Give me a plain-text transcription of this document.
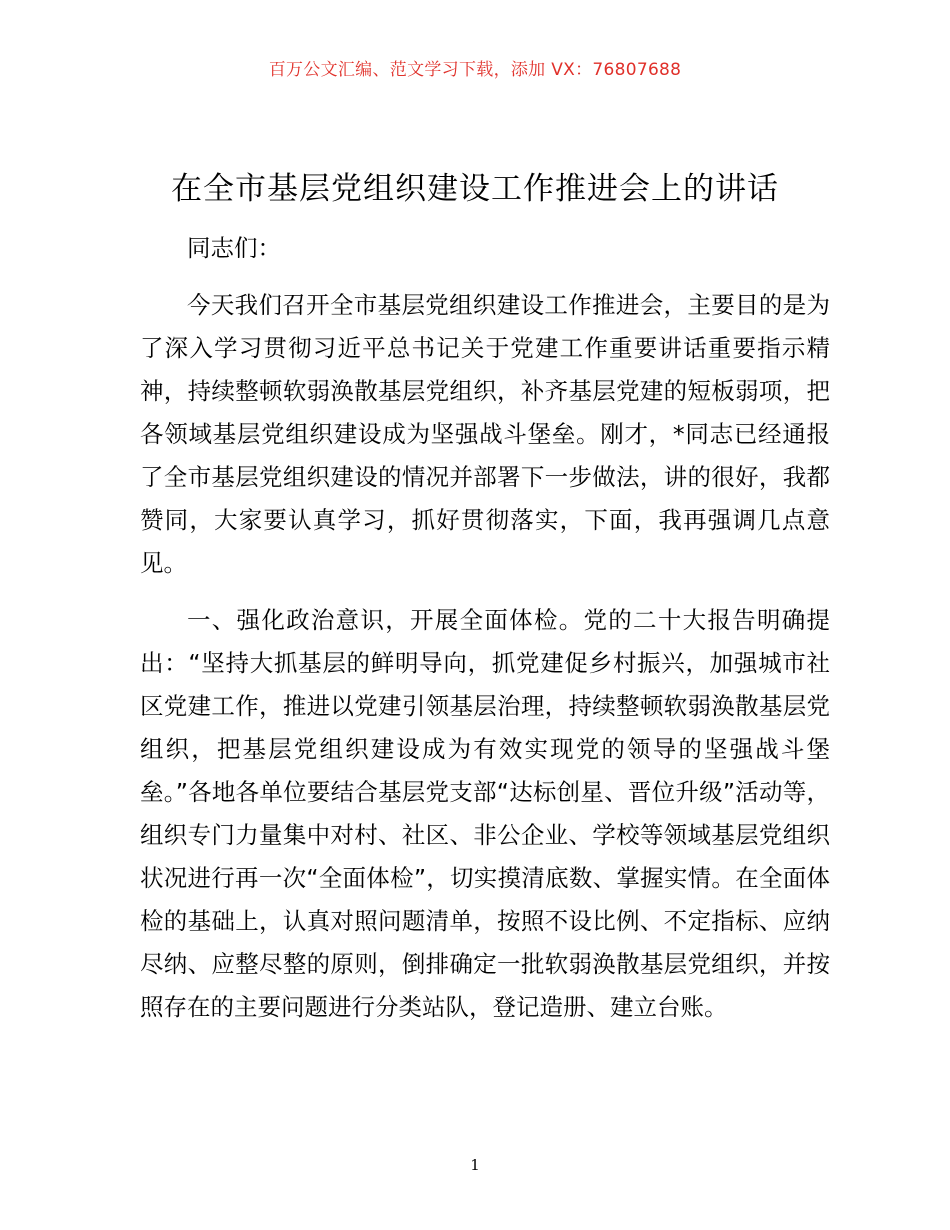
百万公文汇编、范文学习下载，添加 VX：76807688
在全市基层党组织建设工作推进会上的讲话

同志们：

今天我们召开全市基层党组织建设工作推进会，主要目的是为了深入学习贯彻习近平总书记关于党建工作重要讲话重要指示精神，持续整顿软弱涣散基层党组织，补齐基层党建的短板弱项，把各领域基层党组织建设成为坚强战斗堡垒。刚才，*同志已经通报了全市基层党组织建设的情况并部署下一步做法，讲的很好，我都赞同，大家要认真学习，抓好贯彻落实，下面，我再强调几点意见。

一、强化政治意识，开展全面体检。党的二十大报告明确提出：“坚持大抓基层的鲜明导向，抓党建促乡村振兴，加强城市社区党建工作，推进以党建引领基层治理，持续整顿软弱涣散基层党组织，把基层党组织建设成为有效实现党的领导的坚强战斗堡垒。”各地各单位要结合基层党支部“达标创星、晋位升级”活动等，组织专门力量集中对村、社区、非公企业、学校等领域基层党组织状况进行再一次“全面体检”，切实摸清底数、掌握实情。在全面体检的基础上，认真对照问题清单，按照不设比例、不定指标、应纳尽纳、应整尽整的原则，倒排确定一批软弱涣散基层党组织，并按照存在的主要问题进行分类站队，登记造册、建立台账。

1
